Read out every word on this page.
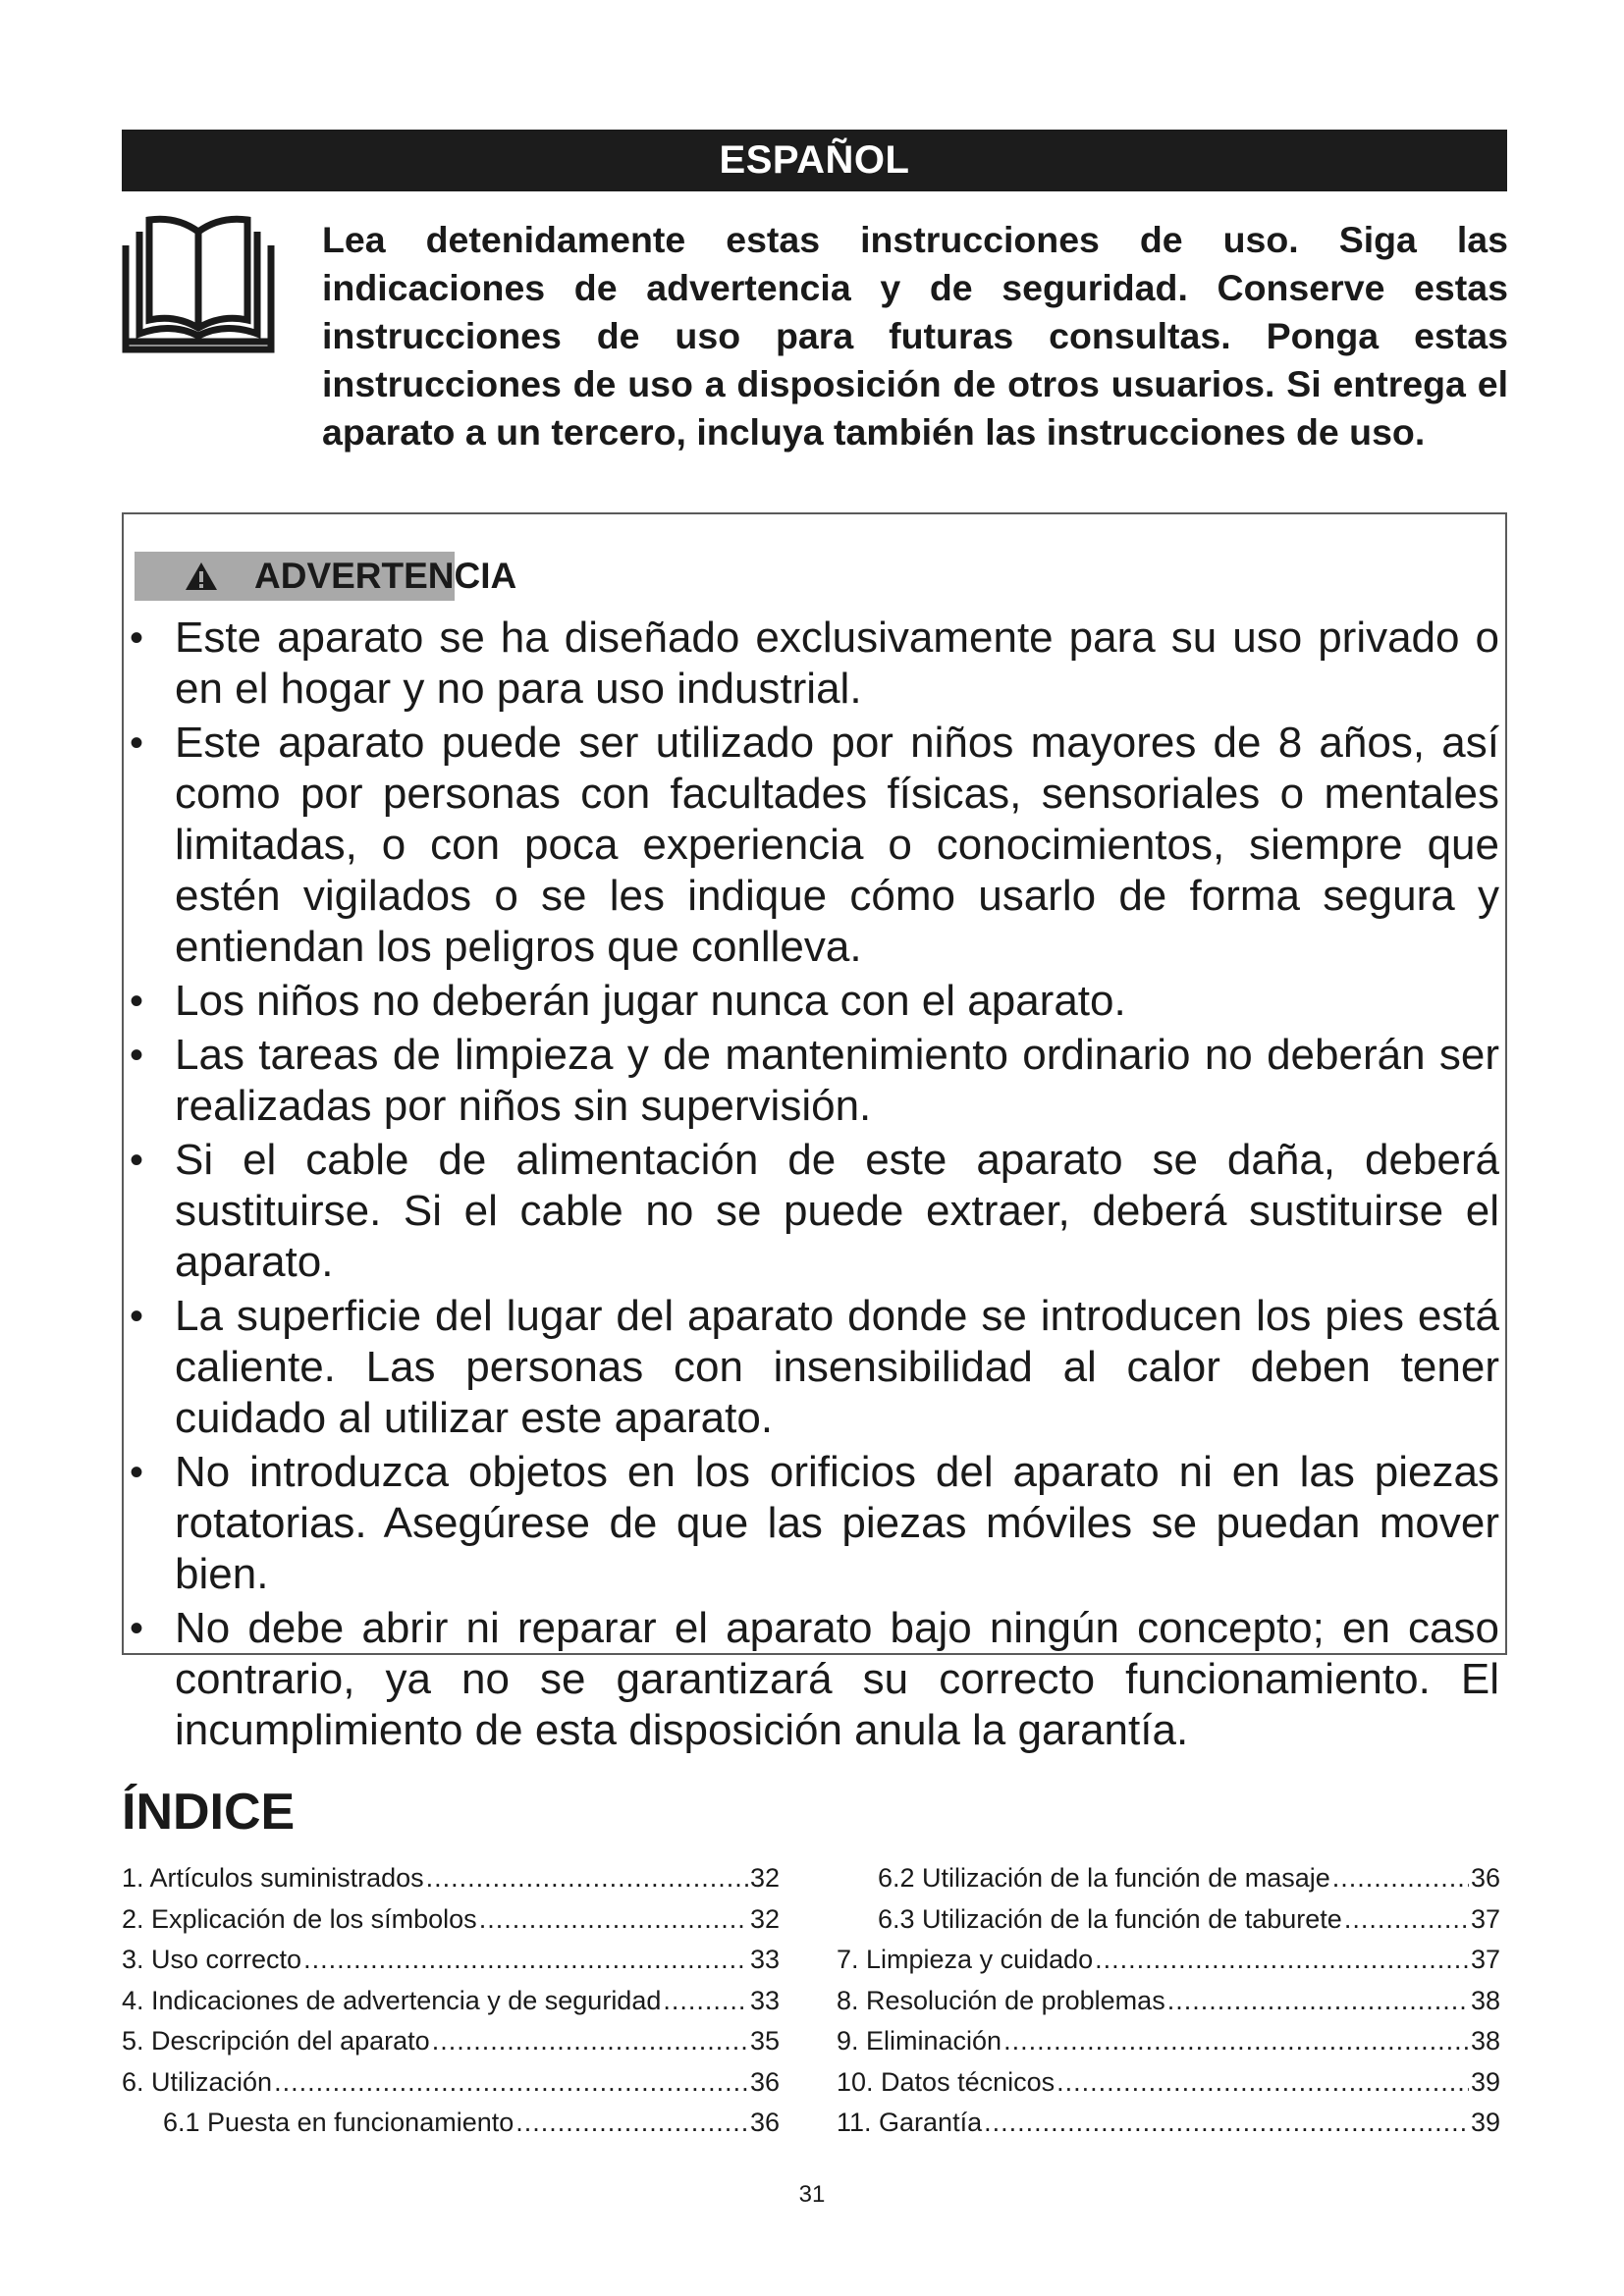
ESPAÑOL

Lea detenidamente estas instrucciones de uso. Siga las indicaciones de advertencia y de seguridad. Conserve estas instrucciones de uso para futuras consultas. Ponga estas instrucciones de uso a disposición de otros usuarios. Si entrega el aparato a un tercero, incluya también las instrucciones de uso.

ADVERTEN CIA
• Este aparato se ha diseñado exclusivamente para su uso privado o en el hogar y no para uso industrial.
• Este aparato puede ser utilizado por niños mayores de 8 años, así como por personas con facultades físicas, sensoriales o mentales limitadas, o con poca experiencia o conocimientos, siempre que estén vigilados o se les indique cómo usarlo de forma segura y entiendan los peligros que conlleva.
• Los niños no deberán jugar nunca con el aparato.
• Las tareas de limpieza y de mantenimiento ordinario no deberán ser realizadas por niños sin supervisión.
• Si el cable de alimentación de este aparato se daña, deberá sustituirse. Si el cable no se puede extraer, deberá sustituirse el aparato.
• La superficie del lugar del aparato donde se introducen los pies está caliente. Las personas con insensibilidad al calor deben tener cuidado al utilizar este aparato.
• No introduzca objetos en los orificios del aparato ni en las piezas rotatorias. Asegúrese de que las piezas móviles se puedan mover bien.
• No debe abrir ni reparar el aparato bajo ningún concepto; en caso contrario, ya no se garantizará su correcto funcionamiento. El incumplimiento de esta disposición anula la garantía.
ÍNDICE
1. Artículos suministrados .....	32
2. Explicación de los símbolos .....	32
3. Uso correcto .....	33
4. Indicaciones de advertencia y de seguridad .....	33
5. Descripción del aparato .....	35
6. Utilización .....	36
6.1 Puesta en funcionamiento .....	36
6.2 Utilización de la función de masaje .....	36
6.3 Utilización de la función de taburete .....	37
7. Limpieza y cuidado .....	37
8. Resolución de problemas .....	38
9. Eliminación .....	38
10. Datos técnicos .....	39
11. Garantía .....	39
31
